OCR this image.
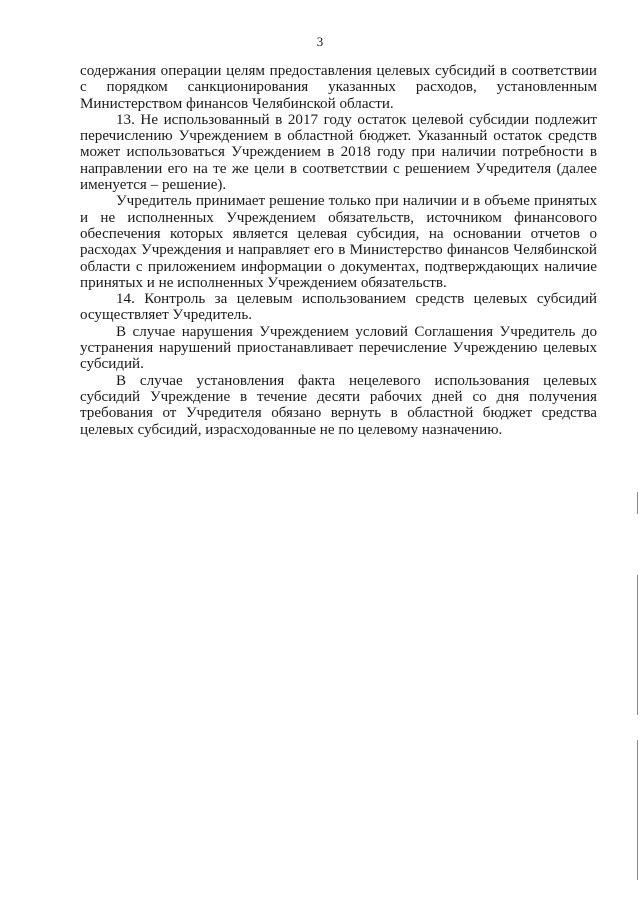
3

содержания операции целям предоставления целевых субсидий в соответствии с порядком санкционирования указанных расходов, установленным Министерством финансов Челябинской области.

13. Не использованный в 2017 году остаток целевой субсидии подлежит перечислению Учреждением в областной бюджет. Указанный остаток средств может использоваться Учреждением в 2018 году при наличии потребности в направлении его на те же цели в соответствии с решением Учредителя (далее именуется – решение).

Учредитель принимает решение только при наличии и в объеме принятых и не исполненных Учреждением обязательств, источником финансового обеспечения которых является целевая субсидия, на основании отчетов о расходах Учреждения и направляет его в Министерство финансов Челябинской области с приложением информации о документах, подтверждающих наличие принятых и не исполненных Учреждением обязательств.

14. Контроль за целевым использованием средств целевых субсидий осуществляет Учредитель.

В случае нарушения Учреждением условий Соглашения Учредитель до устранения нарушений приостанавливает перечисление Учреждению целевых субсидий.

В случае установления факта нецелевого использования целевых субсидий Учреждение в течение десяти рабочих дней со дня получения требования от Учредителя обязано вернуть в областной бюджет средства целевых субсидий, израсходованные не по целевому назначению.
